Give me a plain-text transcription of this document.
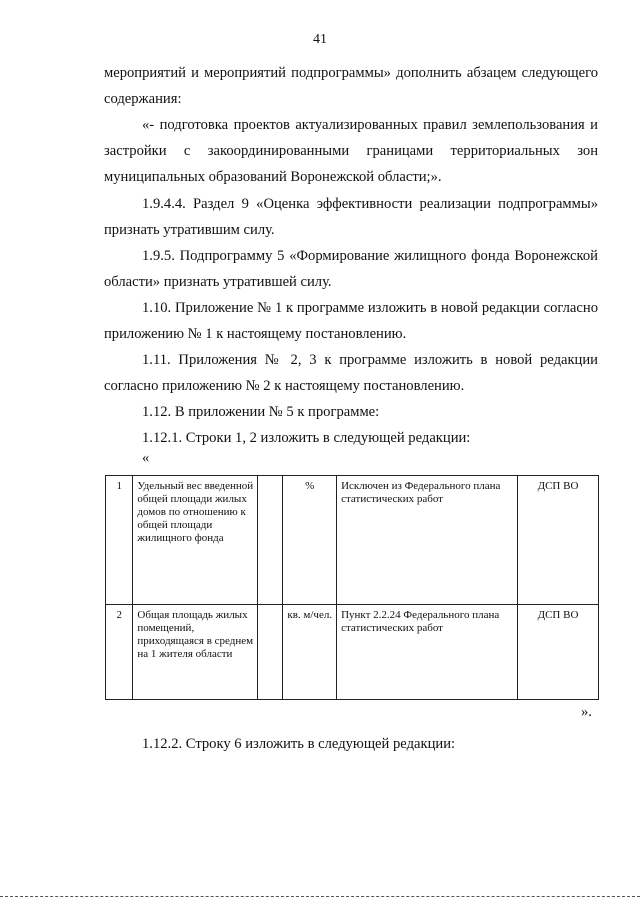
41

мероприятий и мероприятий подпрограммы» дополнить абзацем следующего содержания:

«- подготовка проектов актуализированных правил землепользования и застройки с закоординированными границами территориальных зон муниципальных образований Воронежской области;».

1.9.4.4. Раздел 9 «Оценка эффективности реализации подпрограммы» признать утратившим силу.

1.9.5. Подпрограмму 5 «Формирование жилищного фонда Воронежской области» признать утратившей силу.

1.10. Приложение № 1 к программе изложить в новой редакции согласно приложению № 1 к настоящему постановлению.

1.11. Приложения № 2, 3 к программе изложить в новой редакции согласно приложению № 2 к настоящему постановлению.

1.12. В приложении № 5 к программе:

1.12.1. Строки 1, 2 изложить в следующей редакции:

«
1	Удельный вес введенной общей площади жилых домов по отношению к общей площади жилищного фонда		%	Исключен из Федерального плана статистических работ	ДСП ВО
2	Общая площадь жилых помещений, приходящаяся в среднем на 1 жителя области		кв. м/чел.	Пункт 2.2.24 Федерального плана статистических работ	ДСП ВО
».

1.12.2. Строку 6 изложить в следующей редакции:
